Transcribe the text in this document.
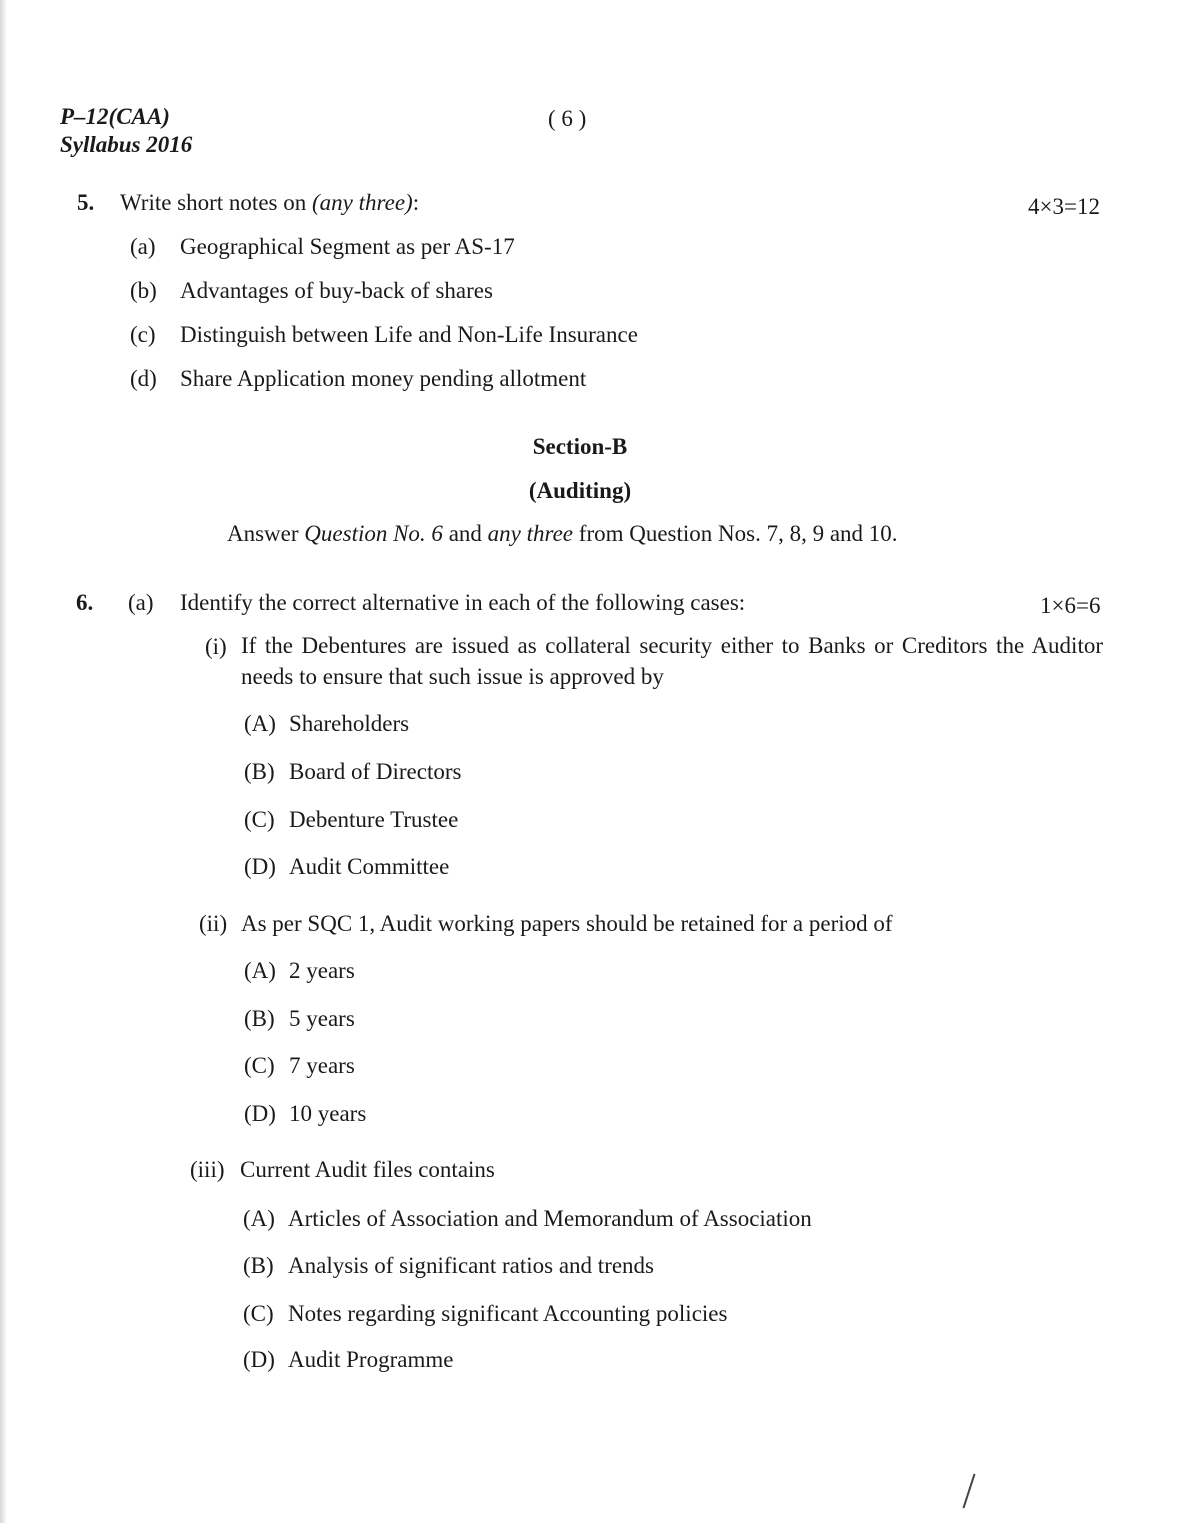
P–12(CAA)
Syllabus 2016
( 6 )
5. Write short notes on (any three):	4×3=12
(a) Geographical Segment as per AS-17
(b) Advantages of buy-back of shares
(c) Distinguish between Life and Non-Life Insurance
(d) Share Application money pending allotment
Section-B
(Auditing)
Answer Question No. 6 and any three from Question Nos. 7, 8, 9 and 10.
6. (a) Identify the correct alternative in each of the following cases:	1×6=6
(i) If the Debentures are issued as collateral security either to Banks or Creditors the Auditor needs to ensure that such issue is approved by
(A) Shareholders
(B) Board of Directors
(C) Debenture Trustee
(D) Audit Committee
(ii) As per SQC 1, Audit working papers should be retained for a period of
(A) 2 years
(B) 5 years
(C) 7 years
(D) 10 years
(iii) Current Audit files contains
(A) Articles of Association and Memorandum of Association
(B) Analysis of significant ratios and trends
(C) Notes regarding significant Accounting policies
(D) Audit Programme
